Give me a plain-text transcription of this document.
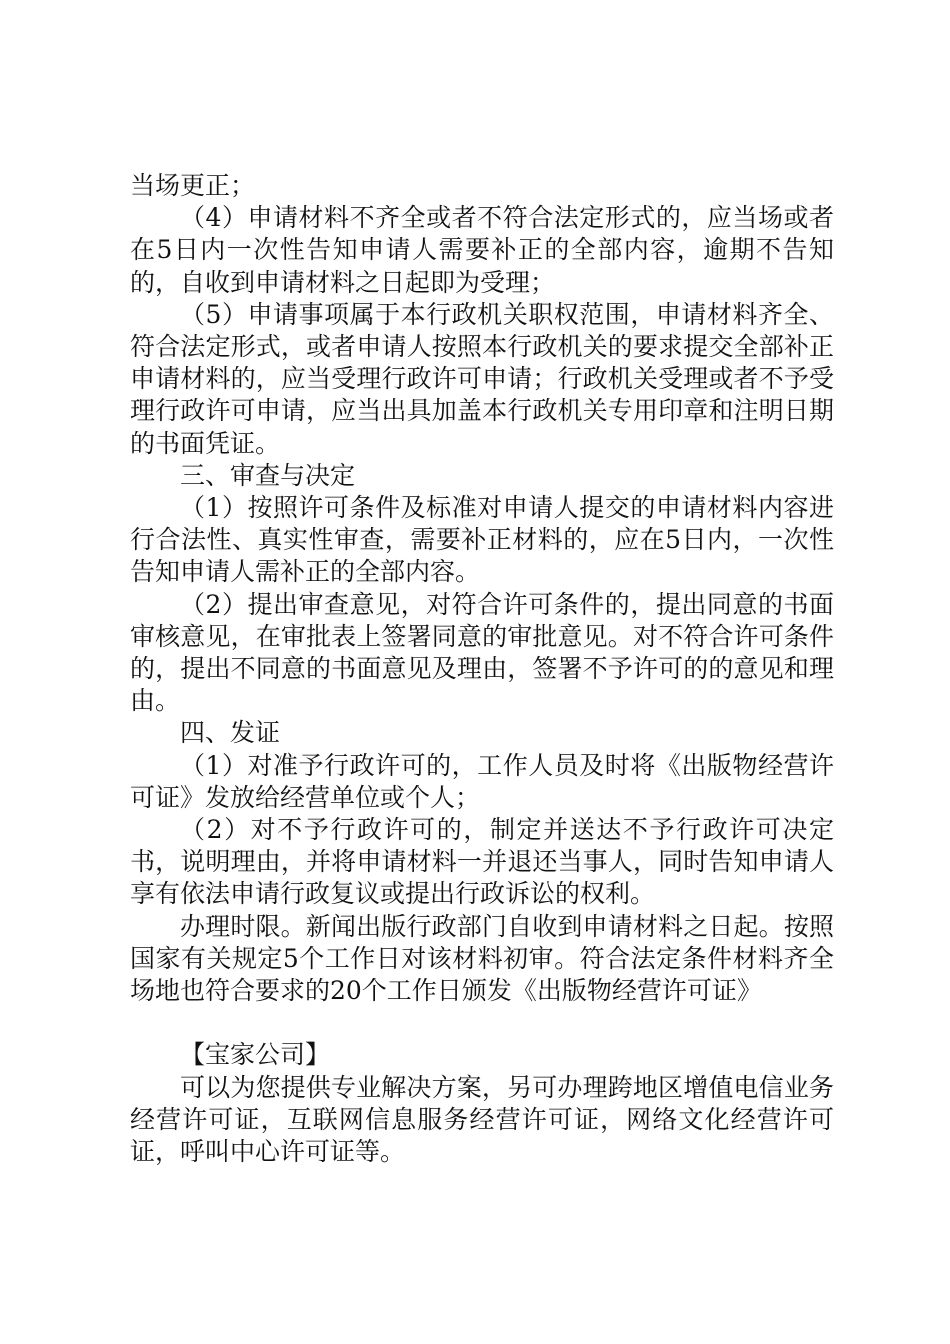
当场更正；

（4）申请材料不齐全或者不符合法定形式的，应当场或者在5日内一次性告知申请人需要补正的全部内容，逾期不告知的，自收到申请材料之日起即为受理；

（5）申请事项属于本行政机关职权范围，申请材料齐全、符合法定形式，或者申请人按照本行政机关的要求提交全部补正申请材料的，应当受理行政许可申请；行政机关受理或者不予受理行政许可申请，应当出具加盖本行政机关专用印章和注明日期的书面凭证。

三、审查与决定

（1）按照许可条件及标准对申请人提交的申请材料内容进行合法性、真实性审查，需要补正材料的，应在5日内，一次性告知申请人需补正的全部内容。

（2）提出审查意见，对符合许可条件的，提出同意的书面审核意见，在审批表上签署同意的审批意见。对不符合许可条件的，提出不同意的书面意见及理由，签署不予许可的的意见和理由。

四、发证

（1）对准予行政许可的，工作人员及时将《出版物经营许可证》发放给经营单位或个人；

（2）对不予行政许可的，制定并送达不予行政许可决定书，说明理由，并将申请材料一并退还当事人，同时告知申请人享有依法申请行政复议或提出行政诉讼的权利。

办理时限。新闻出版行政部门自收到申请材料之日起。按照国家有关规定5个工作日对该材料初审。符合法定条件材料齐全场地也符合要求的20个工作日颁发《出版物经营许可证》

【宝家公司】

可以为您提供专业解决方案，另可办理跨地区增值电信业务经营许可证，互联网信息服务经营许可证，网络文化经营许可证，呼叫中心许可证等。
